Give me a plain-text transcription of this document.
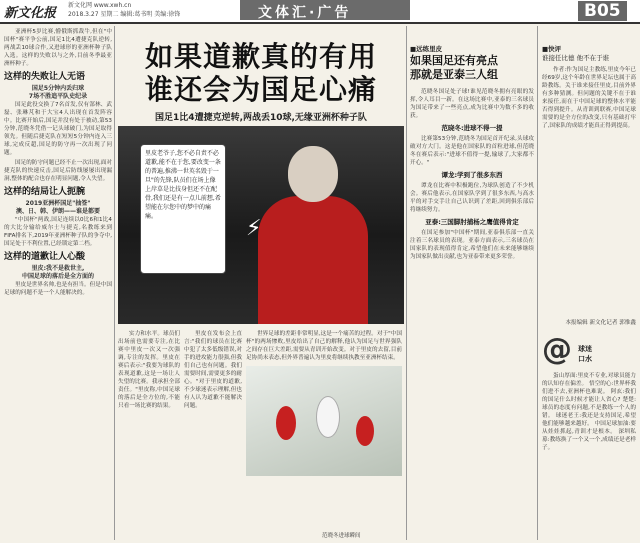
新文化报
新文化网 www.xwh.cn
2018.3.27 星期二 编辑:葛书明 美编:徐锋	文体汇·广告	B05

亚洲杯5岁比赛,懵俄斯抓裁牛,但在"中国杯"赛平争公前,国足1比4遭捷克队逆转,两战丢10球合作,又进球形的亚洲杯种子队入选。这样的失败以与之外,目前冬季最亚洲杯种子。

这样的失败让人无语
国足5分钟内丢归球
7场不胜追平队史纪录

国足此役交换了7名首发,仅有郜林、武磊、张琳芃和于大宝4人出现在首发阵容中。比赛开始后,国足并没有处于被动,第53分钟,范晓冬凭借一记头球破门,为国足取得领先。但随后捷克队在短短5分钟内连入三球,完成反超,国足的防守再一次出现了问题。

国足的防守问题已经不止一次出现,面对捷克队的快速反击,国足后防线屡屡出现漏洞,整体的配合也存在明显问题,令人失望。

这样的结局让人扼腕
2019亚洲杯国足"抽签"
澳、日、韩、伊朗——谁是都要

"中国杯"两战,国足连续以0比6和1比4的大比分输给威尔士与捷克,名教练来到FIFA排名下,2019年亚洲杯种子队的争夺中,国足处于不利位置,已经锁定第二档。

这样的道歉让人心酸
里皮:我不是救世主,
中国足球的落后是全方面的

里皮是世界名帅,也是有担当。但是中国足球的问题不是一个人能解决的。

如果道歉真的有用
谁还会为国足心痛
国足1比4遭捷克逆转,两战丢10球,无缘亚洲杯种子队
⚡
里皮老爷子,您不必自责不必道歉,能不在于您,要改变一条的普遍,推沸一世英名毁于一旦"的先锋,队员们在场上像上岸草是比技身但还不在配骨,我们还是有一点儿前想,希望能在尔您中的梦中的痛痛。

实力和水平。球员们出场前也需要专注,在比赛中里皮一次又一次强调,专注的发挥。里皮在赛后表示:"我要为球队的表现道歉,这是一场让人失望的比赛。我承担全部责任。"里皮称,中国足球的落后是全方位的,不能只看一场比赛的结果。

里皮在发布会上直言:"我们的球员在比赛中犯了太多低级错误,对手的进攻能力很强,但我们自己也有问题。我们需要时间,需要更多的耐心。"对于里皮的道歉,不少球迷表示理解,但也有人认为道歉不能解决问题。

世界足球的差距非常明显,这是一个痛苦的过程。对于"中国杯"的两场惨败,里皮给出了自己的解释,他认为国足与世界强队之间存在巨大差距,需要从青训开始改变。对于里皮的去留,目前足协尚未表态,但外界普遍认为里皮将继续执教至亚洲杯结束。

范晓冬进球瞬间
■远练里皮
如果国足还有亮点
那就是亚泰三人组

范晓冬国足处子球!谁见范晓冬拥有亮眼的发挥,令人耳目一新。在这场比赛中,亚泰的三名球员为国足带来了一些亮点,成为比赛中为数不多的收获。

范晓冬:进球不得一提

比赛第53分钟,范晓冬为国足首开纪录,头球攻破对方大门。这是他在国家队的首粒进球,但范晓冬在赛后表示:"进球不值得一提,输球了,大家都不开心。"

谭龙:学到了很多东西

谭龙在比赛中积极跑位,为球队创造了不少机会。赛后他表示,在国家队学到了很多东西,与高水平的对手交手让自己认识到了差距,回到俱乐部后将继续努力。

亚泰:三国脚肘捕杨之鹰值得肯定

在国足参加"中国杯"期间,亚泰俱乐部一直关注着三名球员的表现。亚泰方面表示,三名球员在国家队的表现值得肯定,希望他们在未来能够继续为国家队做出贡献,也为亚泰带来更多荣誉。

■快评
谁接任比德 他不在于谁

作者:作为国足主教练,里皮今年已经69岁,这个年龄在世界足坛也属于高龄教练。关于谁来接任里皮,目前外界有多种猜测。但问题的关键不在于谁来接任,而在于中国足球的整体水平能否得到提升。从青训到联赛,中国足球需要的是全方位的改变,只有基础打牢了,国家队的成绩才能真正得到提高。

本报编辑 新文化记者 郭惟鑫
@ 球迷
口水

蛋山厚面:里皮不专业,对球员能力的认知存在偏差。 悟空的心:世界杯我们进不去,亚洲杯也难说。 阿玄:我们的国足什么时候才能让人省心? 楚楚:球员的态度有问题,不是教练一个人的错。 球迷老王:我还是支持国足,希望他们能够越来越好。 中国足球加油:要从娃娃抓起,青训才是根本。 深圳私募:教练换了一个又一个,成绩还是老样子。
